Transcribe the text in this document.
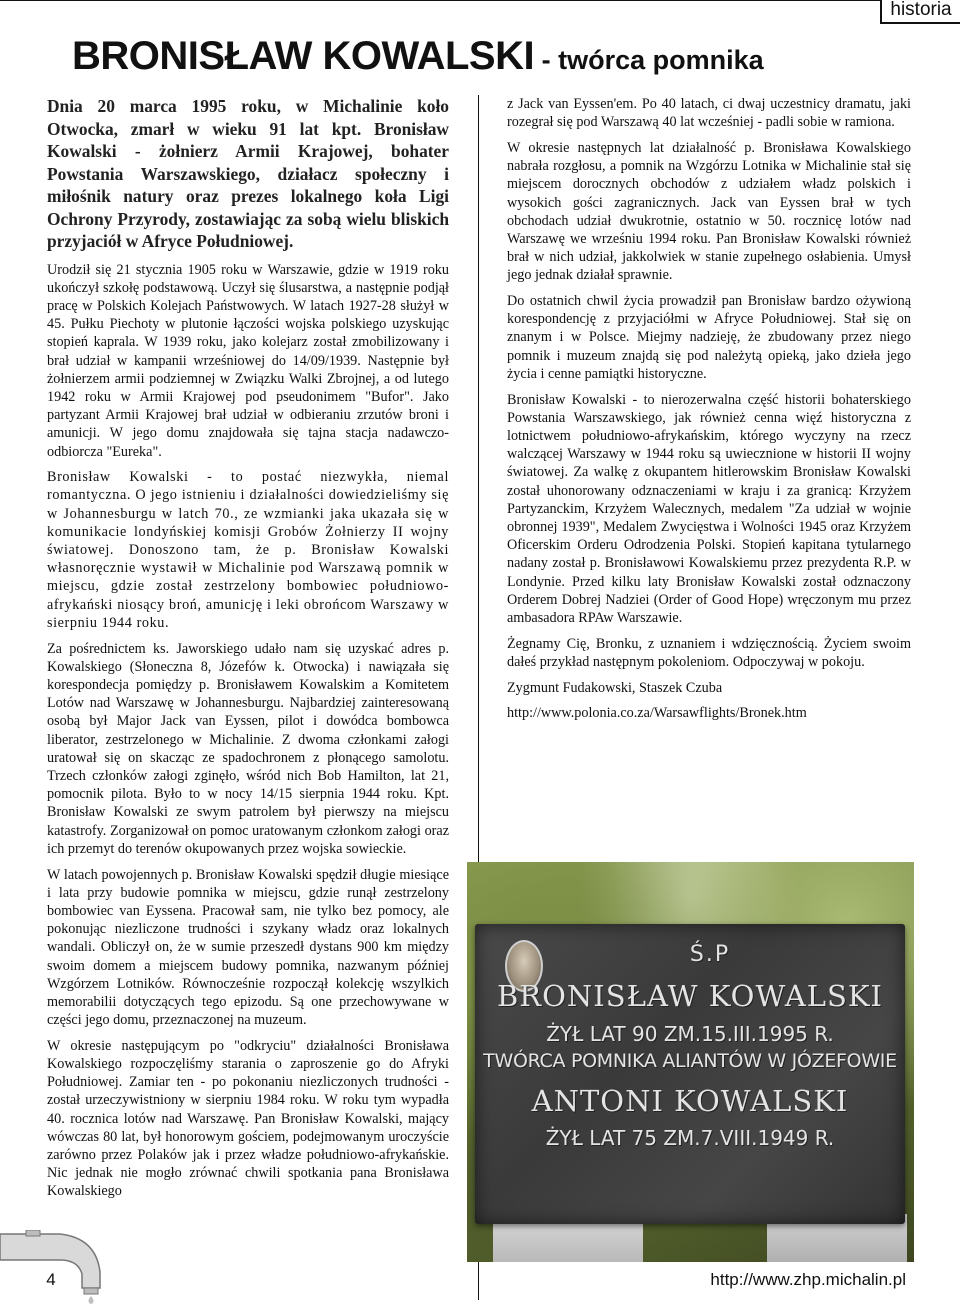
historia
BRONISŁAW KOWALSKI - twórca pomnika

Dnia 20 marca 1995 roku, w Michalinie koło Otwocka, zmarł w wieku 91 lat kpt. Bronisław Kowalski - żołnierz Armii Krajowej, bohater Powstania Warszawskiego, działacz społeczny i miłośnik natury oraz prezes lokalnego koła Ligi Ochrony Przyrody, zostawiając za sobą wielu bliskich przyjaciół w Afryce Południowej.

Urodził się 21 stycznia 1905 roku w Warszawie, gdzie w 1919 roku ukończył szkołę podstawową. Uczył się ślusarstwa, a następnie podjął pracę w Polskich Kolejach Państwowych. W latach 1927-28 służył w 45. Pułku Piechoty w plutonie łączości wojska polskiego uzyskując stopień kaprala. W 1939 roku, jako kolejarz został zmobilizowany i brał udział w kampanii wrześniowej do 14/09/1939. Następnie był żołnierzem armii podziemnej w Związku Walki Zbrojnej, a od lutego 1942 roku w Armii Krajowej pod pseudonimem "Bufor". Jako partyzant Armii Krajowej brał udział w odbieraniu zrzutów broni i amunicji. W jego domu znajdowała się tajna stacja nadawczo-odbiorcza "Eureka".

Bronisław Kowalski - to postać niezwykła, niemal romantyczna. O jego istnieniu i działalności dowiedzieliśmy się w Johannesburgu w latch 70., ze wzmianki jaka ukazała się w komunikacie londyńskiej komisji Grobów Żołnierzy II wojny światowej. Donoszono tam, że p. Bronisław Kowalski własnoręcznie wystawił w Michalinie pod Warszawą pomnik w miejscu, gdzie został zestrzelony bombowiec południowo-afrykański niosący broń, amunicję i leki obrońcom Warszawy w sierpniu 1944 roku.

Za pośrednictem ks. Jaworskiego udało nam się uzyskać adres p. Kowalskiego (Słoneczna 8, Józefów k. Otwocka) i nawiązała się korespondecja pomiędzy p. Bronisławem Kowalskim a Komitetem Lotów nad Warszawę w Johannesburgu. Najbardziej zainteresowaną osobą był Major Jack van Eyssen, pilot i dowódca bombowca liberator, zestrzelonego w Michalinie. Z dwoma członkami załogi uratował się on skacząc ze spadochronem z płonącego samolotu. Trzech członków załogi zginęło, wśród nich Bob Hamilton, lat 21, pomocnik pilota. Było to w nocy 14/15 sierpnia 1944 roku. Kpt. Bronisław Kowalski ze swym patrolem był pierwszy na miejscu katastrofy. Zorganizował on pomoc uratowanym członkom załogi oraz ich przemyt do terenów okupowanych przez wojska sowieckie.

W latach powojennych p. Bronisław Kowalski spędził długie miesiące i lata przy budowie pomnika w miejscu, gdzie runął zestrzelony bombowiec van Eyssena. Pracował sam, nie tylko bez pomocy, ale pokonując niezliczone trudności i szykany władz oraz lokalnych wandali. Obliczył on, że w sumie przeszedł dystans 900 km między swoim domem a miejscem budowy pomnika, nazwanym później Wzgórzem Lotników. Równocześnie rozpoczął kolekcję wszylkich memorabilii dotyczących tego epizodu. Są one przechowywane w części jego domu, przeznaczonej na muzeum.

W okresie następującym po "odkryciu" działalności Bronisława Kowalskiego rozpoczęliśmy starania o zaproszenie go do Afryki Południowej. Zamiar ten - po pokonaniu niezliczonych trudności - został urzeczywistniony w sierpniu 1984 roku. W roku tym wypadła 40. rocznica lotów nad Warszawę. Pan Bronisław Kowalski, mający wówczas 80 lat, był honorowym gościem, podejmowanym uroczyście zarówno przez Polaków jak i przez władze południowo-afrykańskie. Nic jednak nie mogło zrównać chwili spotkania pana Bronisława Kowalskiego

z Jack van Eyssen'em. Po 40 latach, ci dwaj uczestnicy dramatu, jaki rozegrał się pod Warszawą 40 lat wcześniej - padli sobie w ramiona.

W okresie następnych lat działalność p. Bronisława Kowalskiego nabrała rozgłosu, a pomnik na Wzgórzu Lotnika w Michalinie stał się miejscem dorocznych obchodów z udziałem władz polskich i wysokich gości zagranicznych. Jack van Eyssen brał w tych obchodach udział dwukrotnie, ostatnio w 50. rocznicę lotów nad Warszawę we wrześniu 1994 roku. Pan Bronisław Kowalski również brał w nich udział, jakkolwiek w stanie zupełnego osłabienia. Umysł jego jednak działał sprawnie.

Do ostatnich chwil życia prowadził pan Bronisław bardzo ożywioną korespondencję z przyjaciółmi w Afryce Południowej. Stał się on znanym i w Polsce. Miejmy nadzieję, że zbudowany przez niego pomnik i muzeum znajdą się pod należytą opieką, jako dzieła jego życia i cenne pamiątki historyczne.

Bronisław Kowalski - to nierozerwalna część historii bohaterskiego Powstania Warszawskiego, jak również cenna więź historyczna z lotnictwem południowo-afrykańskim, którego wyczyny na rzecz walczącej Warszawy w 1944 roku są uwiecznione w historii II wojny światowej. Za walkę z okupantem hitlerowskim Bronisław Kowalski został uhonorowany odznaczeniami w kraju i za granicą: Krzyżem Partyzanckim, Krzyżem Walecznych, medalem "Za udział w wojnie obronnej 1939", Medalem Zwycięstwa i Wolności 1945 oraz Krzyżem Oficerskim Orderu Odrodzenia Polski. Stopień kapitana tytularnego nadany został p. Bronisławowi Kowalskiemu przez prezydenta R.P. w Londynie. Przed kilku laty Bronisław Kowalski został odznaczony Orderem Dobrej Nadziei (Order of Good Hope) wręczonym mu przez ambasadora RPAw Warszawie.

Żegnamy Cię, Bronku, z uznaniem i wdzięcznością. Życiem swoim dałeś przykład następnym pokoleniom. Odpoczywaj w pokoju.

Zygmunt Fudakowski, Staszek Czuba

http://www.polonia.co.za/Warsawflights/Bronek.htm

Ś.P
BRONISŁAW KOWALSKI
ŻYŁ LAT 90 ZM.15.III.1995 R.
TWÓRCA POMNIKA ALIANTÓW W JÓZEFOWIE
ANTONI KOWALSKI
ŻYŁ LAT 75 ZM.7.VIII.1949 R.
4	http://www.zhp.michalin.pl
